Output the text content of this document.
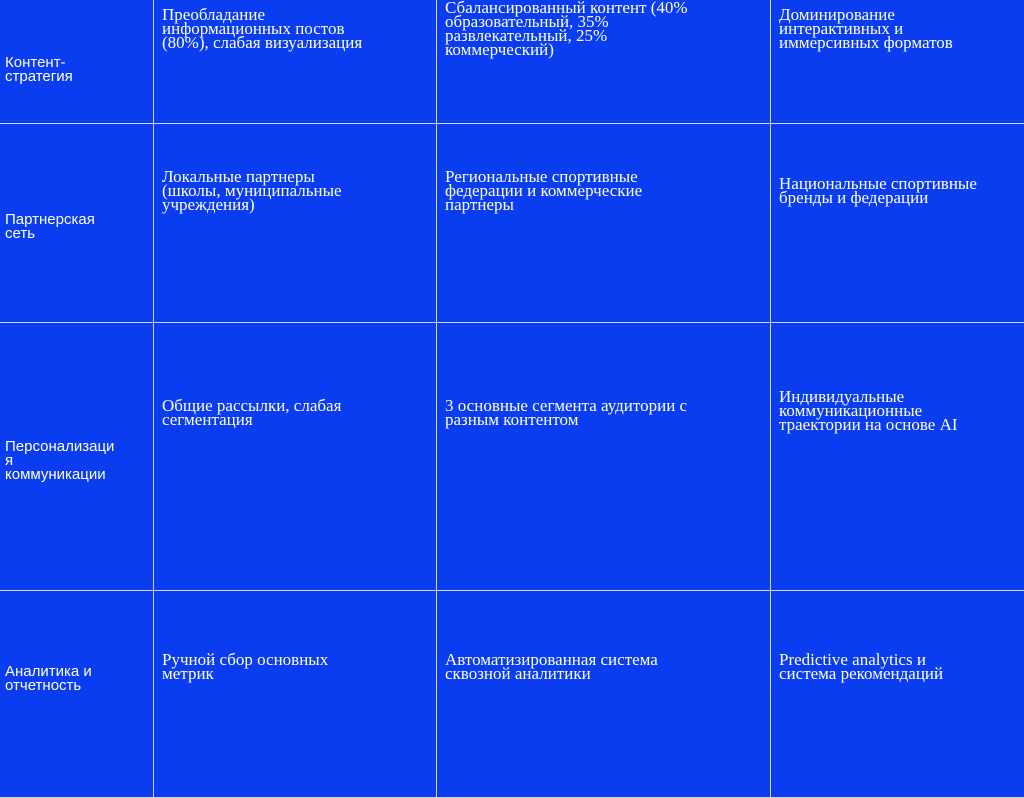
Контент-
стратегия	Преобладание
информационных постов
(80%), слабая визуализация	Сбалансированный контент (40%
образовательный, 35%
развлекательный, 25%
коммерческий)	Доминирование
интерактивных и
иммерсивных форматов
Партнерская
сеть	Локальные партнеры
(школы, муниципальные
учреждения)	Региональные спортивные
федерации и коммерческие
партнеры	Национальные спортивные
бренды и федерации
Персонализаци
я
коммуникации	Общие рассылки, слабая
сегментация	3 основные сегмента аудитории с
разным контентом	Индивидуальные
коммуникационные
траектории на основе AI
Аналитика и
отчетность	Ручной сбор основных
метрик	Автоматизированная система
сквозной аналитики	Predictive analytics и
система рекомендаций
